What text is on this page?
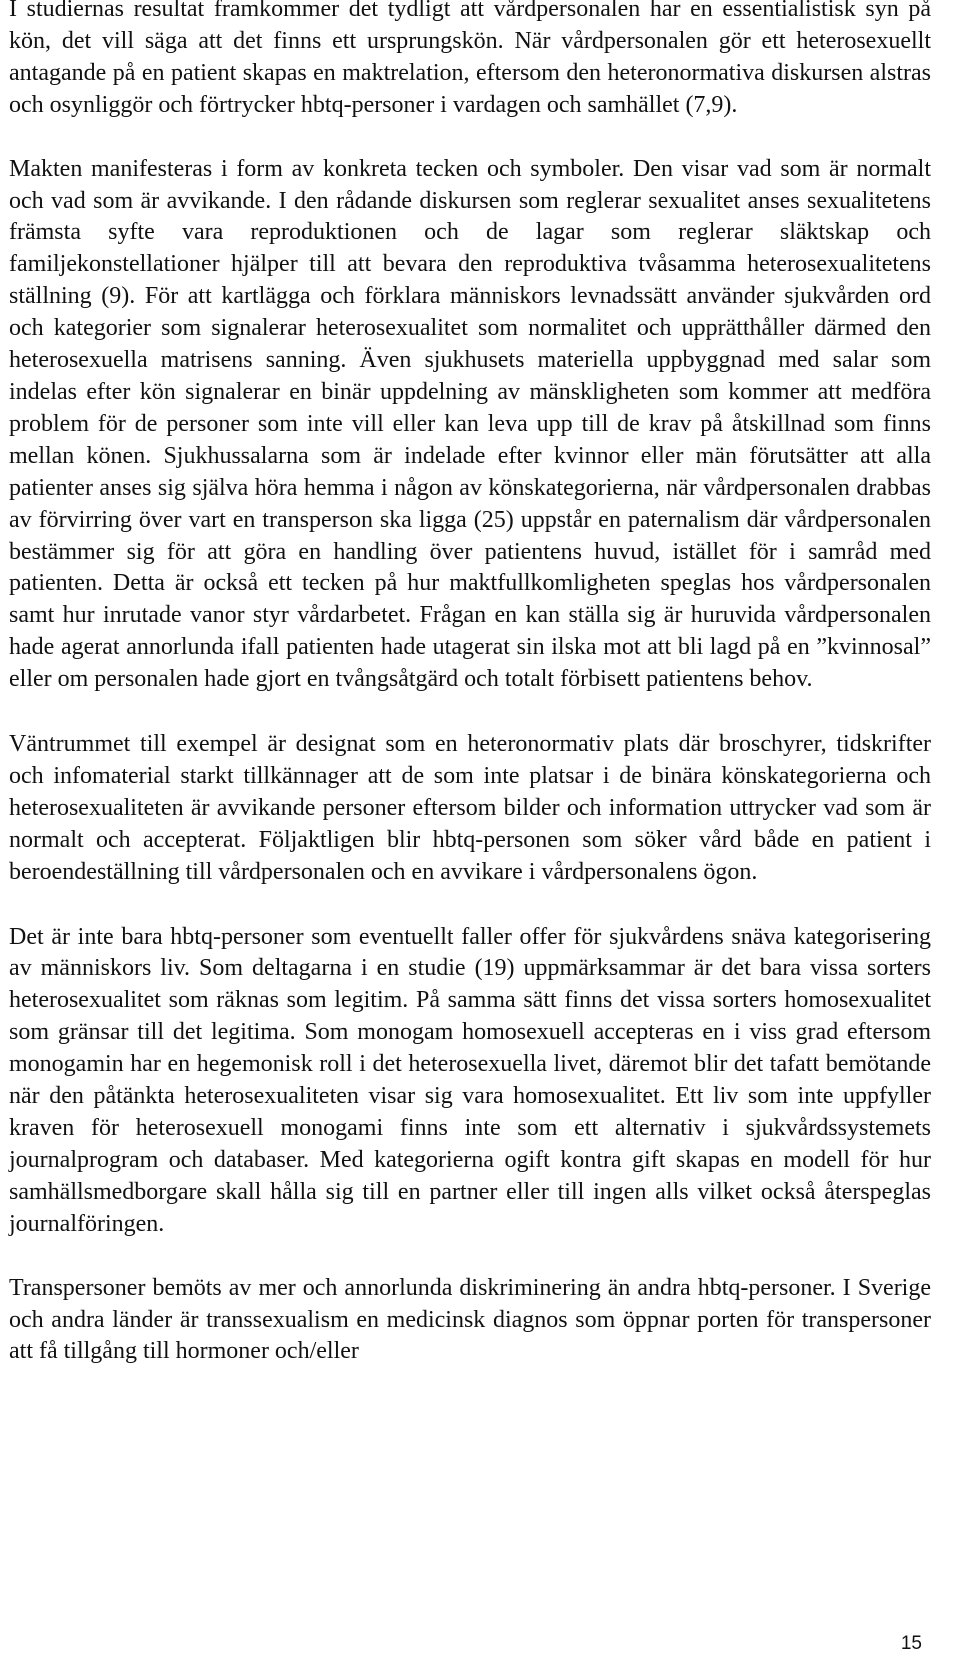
I studiernas resultat framkommer det tydligt att vårdpersonalen har en essentialistisk syn på kön, det vill säga att det finns ett ursprungskön. När vårdpersonalen gör ett heterosexuellt antagande på en patient skapas en maktrelation, eftersom den heteronormativa diskursen alstras och osynliggör och förtrycker hbtq-personer i vardagen och samhället (7,9).

Makten manifesteras i form av konkreta tecken och symboler. Den visar vad som är normalt och vad som är avvikande. I den rådande diskursen som reglerar sexualitet anses sexualitetens främsta syfte vara reproduktionen och de lagar som reglerar släktskap och familjekonstellationer hjälper till att bevara den reproduktiva tvåsamma heterosexualitetens ställning (9). För att kartlägga och förklara människors levnadssätt använder sjukvården ord och kategorier som signalerar heterosexualitet som normalitet och upprätthåller därmed den heterosexuella matrisens sanning. Även sjukhusets materiella uppbyggnad med salar som indelas efter kön signalerar en binär uppdelning av mänskligheten som kommer att medföra problem för de personer som inte vill eller kan leva upp till de krav på åtskillnad som finns mellan könen. Sjukhussalarna som är indelade efter kvinnor eller män förutsätter att alla patienter anses sig själva höra hemma i någon av könskategorierna, när vårdpersonalen drabbas av förvirring över vart en transperson ska ligga (25) uppstår en paternalism där vårdpersonalen bestämmer sig för att göra en handling över patientens huvud, istället för i samråd med patienten. Detta är också ett tecken på hur maktfullkomligheten speglas hos vårdpersonalen samt hur inrutade vanor styr vårdarbetet. Frågan en kan ställa sig är huruvida vårdpersonalen hade agerat annorlunda ifall patienten hade utagerat sin ilska mot att bli lagd på en ”kvinnosal” eller om personalen hade gjort en tvångsåtgärd och totalt förbisett patientens behov.

Väntrummet till exempel är designat som en heteronormativ plats där broschyrer, tidskrifter och infomaterial starkt tillkännager att de som inte platsar i de binära könskategorierna och heterosexualiteten är avvikande personer eftersom bilder och information uttrycker vad som är normalt och accepterat. Följaktligen blir hbtq-personen som söker vård både en patient i beroendeställning till vårdpersonalen och en avvikare i vårdpersonalens ögon.

Det är inte bara hbtq-personer som eventuellt faller offer för sjukvårdens snäva kategorisering av människors liv. Som deltagarna i en studie (19) uppmärksammar är det bara vissa sorters heterosexualitet som räknas som legitim. På samma sätt finns det vissa sorters homosexualitet som gränsar till det legitima. Som monogam homosexuell accepteras en i viss grad eftersom monogamin har en hegemonisk roll i det heterosexuella livet, däremot blir det tafatt bemötande när den påtänkta heterosexualiteten visar sig vara homosexualitet. Ett liv som inte uppfyller kraven för heterosexuell monogami finns inte som ett alternativ i sjukvårdssystemets journalprogram och databaser. Med kategorierna ogift kontra gift skapas en modell för hur samhällsmedborgare skall hålla sig till en partner eller till ingen alls vilket också återspeglas journalföringen.

Transpersoner bemöts av mer och annorlunda diskriminering än andra hbtq-personer. I Sverige och andra länder är transsexualism en medicinsk diagnos som öppnar porten för transpersoner att få tillgång till hormoner och/eller

15
